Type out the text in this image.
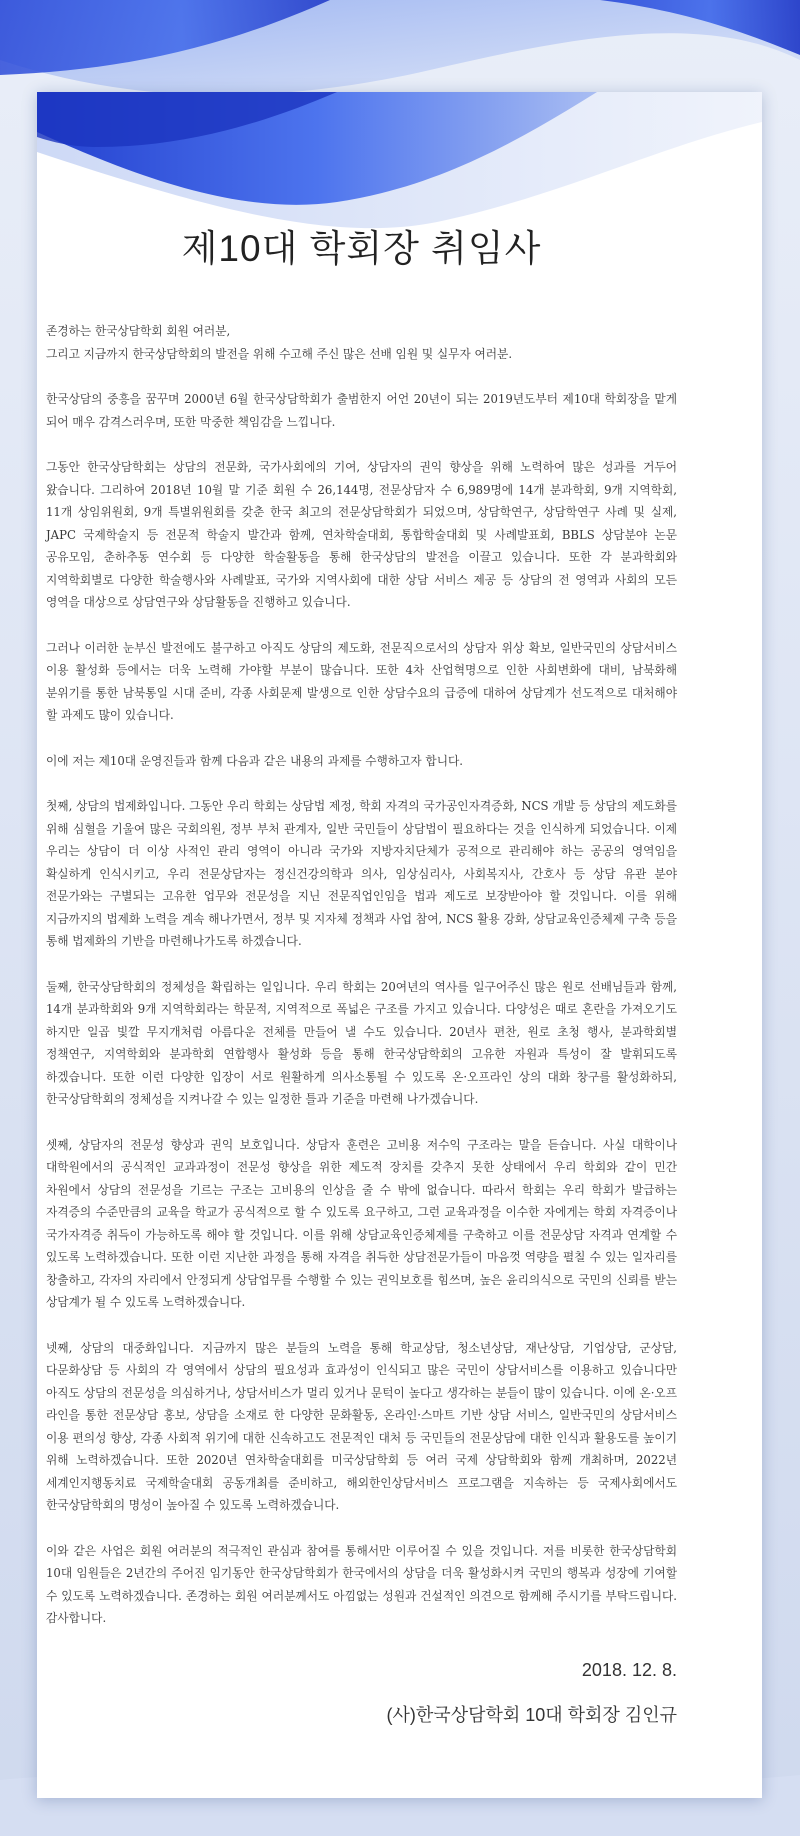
제10대 학회장 취임사

존경하는 한국상담학회 회원 여러분,
그리고 지금까지 한국상담학회의 발전을 위해 수고해 주신 많은 선배 임원 및 실무자 여러분.

한국상담의 중흥을 꿈꾸며 2000년 6월 한국상담학회가 출범한지 어언 20년이 되는 2019년도부터 제10대 학회장을 맡게 되어 매우 감격스러우며, 또한 막중한 책임감을 느낍니다.

그동안 한국상담학회는 상담의 전문화, 국가사회에의 기여, 상담자의 권익 향상을 위해 노력하여 많은 성과를 거두어 왔습니다. 그리하여 2018년 10월 말 기준 회원 수 26,144명, 전문상담자 수 6,989명에 14개 분과학회, 9개 지역학회, 11개 상임위원회, 9개 특별위원회를 갖춘 한국 최고의 전문상담학회가 되었으며, 상담학연구, 상담학연구 사례 및 실제, JAPC 국제학술지 등 전문적 학술지 발간과 함께, 연차학술대회, 통합학술대회 및 사례발표회, BBLS 상담분야 논문 공유모임, 춘하추동 연수회 등 다양한 학술활동을 통해 한국상담의 발전을 이끌고 있습니다. 또한 각 분과학회와 지역학회별로 다양한 학술행사와 사례발표, 국가와 지역사회에 대한 상담 서비스 제공 등 상담의 전 영역과 사회의 모든 영역을 대상으로 상담연구와 상담활동을 진행하고 있습니다.

그러나 이러한 눈부신 발전에도 불구하고 아직도 상담의 제도화, 전문직으로서의 상담자 위상 확보, 일반국민의 상담서비스 이용 활성화 등에서는 더욱 노력해 가야할 부분이 많습니다. 또한 4차 산업혁명으로 인한 사회변화에 대비, 남북화해 분위기를 통한 남북통일 시대 준비, 각종 사회문제 발생으로 인한 상담수요의 급증에 대하여 상담계가 선도적으로 대처해야 할 과제도 많이 있습니다.

이에 저는 제10대 운영진들과 함께 다음과 같은 내용의 과제를 수행하고자 합니다.

첫째, 상담의 법제화입니다. 그동안 우리 학회는 상담법 제정, 학회 자격의 국가공인자격증화, NCS 개발 등 상담의 제도화를 위해 심혈을 기울여 많은 국회의원, 정부 부처 관계자, 일반 국민들이 상담법이 필요하다는 것을 인식하게 되었습니다. 이제 우리는 상담이 더 이상 사적인 관리 영역이 아니라 국가와 지방자치단체가 공적으로 관리해야 하는 공공의 영역임을 확실하게 인식시키고, 우리 전문상담자는 정신건강의학과 의사, 임상심리사, 사회복지사, 간호사 등 상담 유관 분야 전문가와는 구별되는 고유한 업무와 전문성을 지닌 전문직업인임을 법과 제도로 보장받아야 할 것입니다. 이를 위해 지금까지의 법제화 노력을 계속 해나가면서, 정부 및 지자체 정책과 사업 참여, NCS 활용 강화, 상담교육인증체제 구축 등을 통해 법제화의 기반을 마련해나가도록 하겠습니다.

둘째, 한국상담학회의 정체성을 확립하는 일입니다. 우리 학회는 20여년의 역사를 일구어주신 많은 원로 선배님들과 함께, 14개 분과학회와 9개 지역학회라는 학문적, 지역적으로 폭넓은 구조를 가지고 있습니다. 다양성은 때로 혼란을 가져오기도 하지만 일곱 빛깔 무지개처럼 아름다운 전체를 만들어 낼 수도 있습니다. 20년사 편찬, 원로 초청 행사, 분과학회별 정책연구, 지역학회와 분과학회 연합행사 활성화 등을 통해 한국상담학회의 고유한 자원과 특성이 잘 발휘되도록 하겠습니다. 또한 이런 다양한 입장이 서로 원활하게 의사소통될 수 있도록 온·오프라인 상의 대화 창구를 활성화하되, 한국상담학회의 정체성을 지켜나갈 수 있는 일정한 틀과 기준을 마련해 나가겠습니다.

셋째, 상담자의 전문성 향상과 권익 보호입니다. 상담자 훈련은 고비용 저수익 구조라는 말을 듣습니다. 사실 대학이나 대학원에서의 공식적인 교과과정이 전문성 향상을 위한 제도적 장치를 갖추지 못한 상태에서 우리 학회와 같이 민간 차원에서 상담의 전문성을 기르는 구조는 고비용의 인상을 줄 수 밖에 없습니다. 따라서 학회는 우리 학회가 발급하는 자격증의 수준만큼의 교육을 학교가 공식적으로 할 수 있도록 요구하고, 그런 교육과정을 이수한 자에게는 학회 자격증이나 국가자격증 취득이 가능하도록 해야 할 것입니다. 이를 위해 상담교육인증체제를 구축하고 이를 전문상담 자격과 연계할 수 있도록 노력하겠습니다. 또한 이런 지난한 과정을 통해 자격을 취득한 상담전문가들이 마음껏 역량을 펼칠 수 있는 일자리를 창출하고, 각자의 자리에서 안정되게 상담업무를 수행할 수 있는 권익보호를 힘쓰며, 높은 윤리의식으로 국민의 신뢰를 받는 상담계가 될 수 있도록 노력하겠습니다.

넷째, 상담의 대중화입니다. 지금까지 많은 분들의 노력을 통해 학교상담, 청소년상담, 재난상담, 기업상담, 군상담, 다문화상담 등 사회의 각 영역에서 상담의 필요성과 효과성이 인식되고 많은 국민이 상담서비스를 이용하고 있습니다만 아직도 상담의 전문성을 의심하거나, 상담서비스가 멀리 있거나 문턱이 높다고 생각하는 분들이 많이 있습니다. 이에 온·오프 라인을 통한 전문상담 홍보, 상담을 소재로 한 다양한 문화활동, 온라인·스마트 기반 상담 서비스, 일반국민의 상담서비스 이용 편의성 향상, 각종 사회적 위기에 대한 신속하고도 전문적인 대처 등 국민들의 전문상담에 대한 인식과 활용도를 높이기 위해 노력하겠습니다. 또한 2020년 연차학술대회를 미국상담학회 등 여러 국제 상담학회와 함께 개최하며, 2022년 세계인지행동치료 국제학술대회 공동개최를 준비하고, 해외한인상담서비스 프로그램을 지속하는 등 국제사회에서도 한국상담학회의 명성이 높아질 수 있도록 노력하겠습니다.

이와 같은 사업은 회원 여러분의 적극적인 관심과 참여를 통해서만 이루어질 수 있을 것입니다. 저를 비롯한 한국상담학회 10대 임원들은 2년간의 주어진 임기동안 한국상담학회가 한국에서의 상담을 더욱 활성화시켜 국민의 행복과 성장에 기여할 수 있도록 노력하겠습니다. 존경하는 회원 여러분께서도 아낌없는 성원과 건설적인 의견으로 함께해 주시기를 부탁드립니다. 감사합니다.

2018. 12. 8.
(사)한국상담학회 10대 학회장 김인규
